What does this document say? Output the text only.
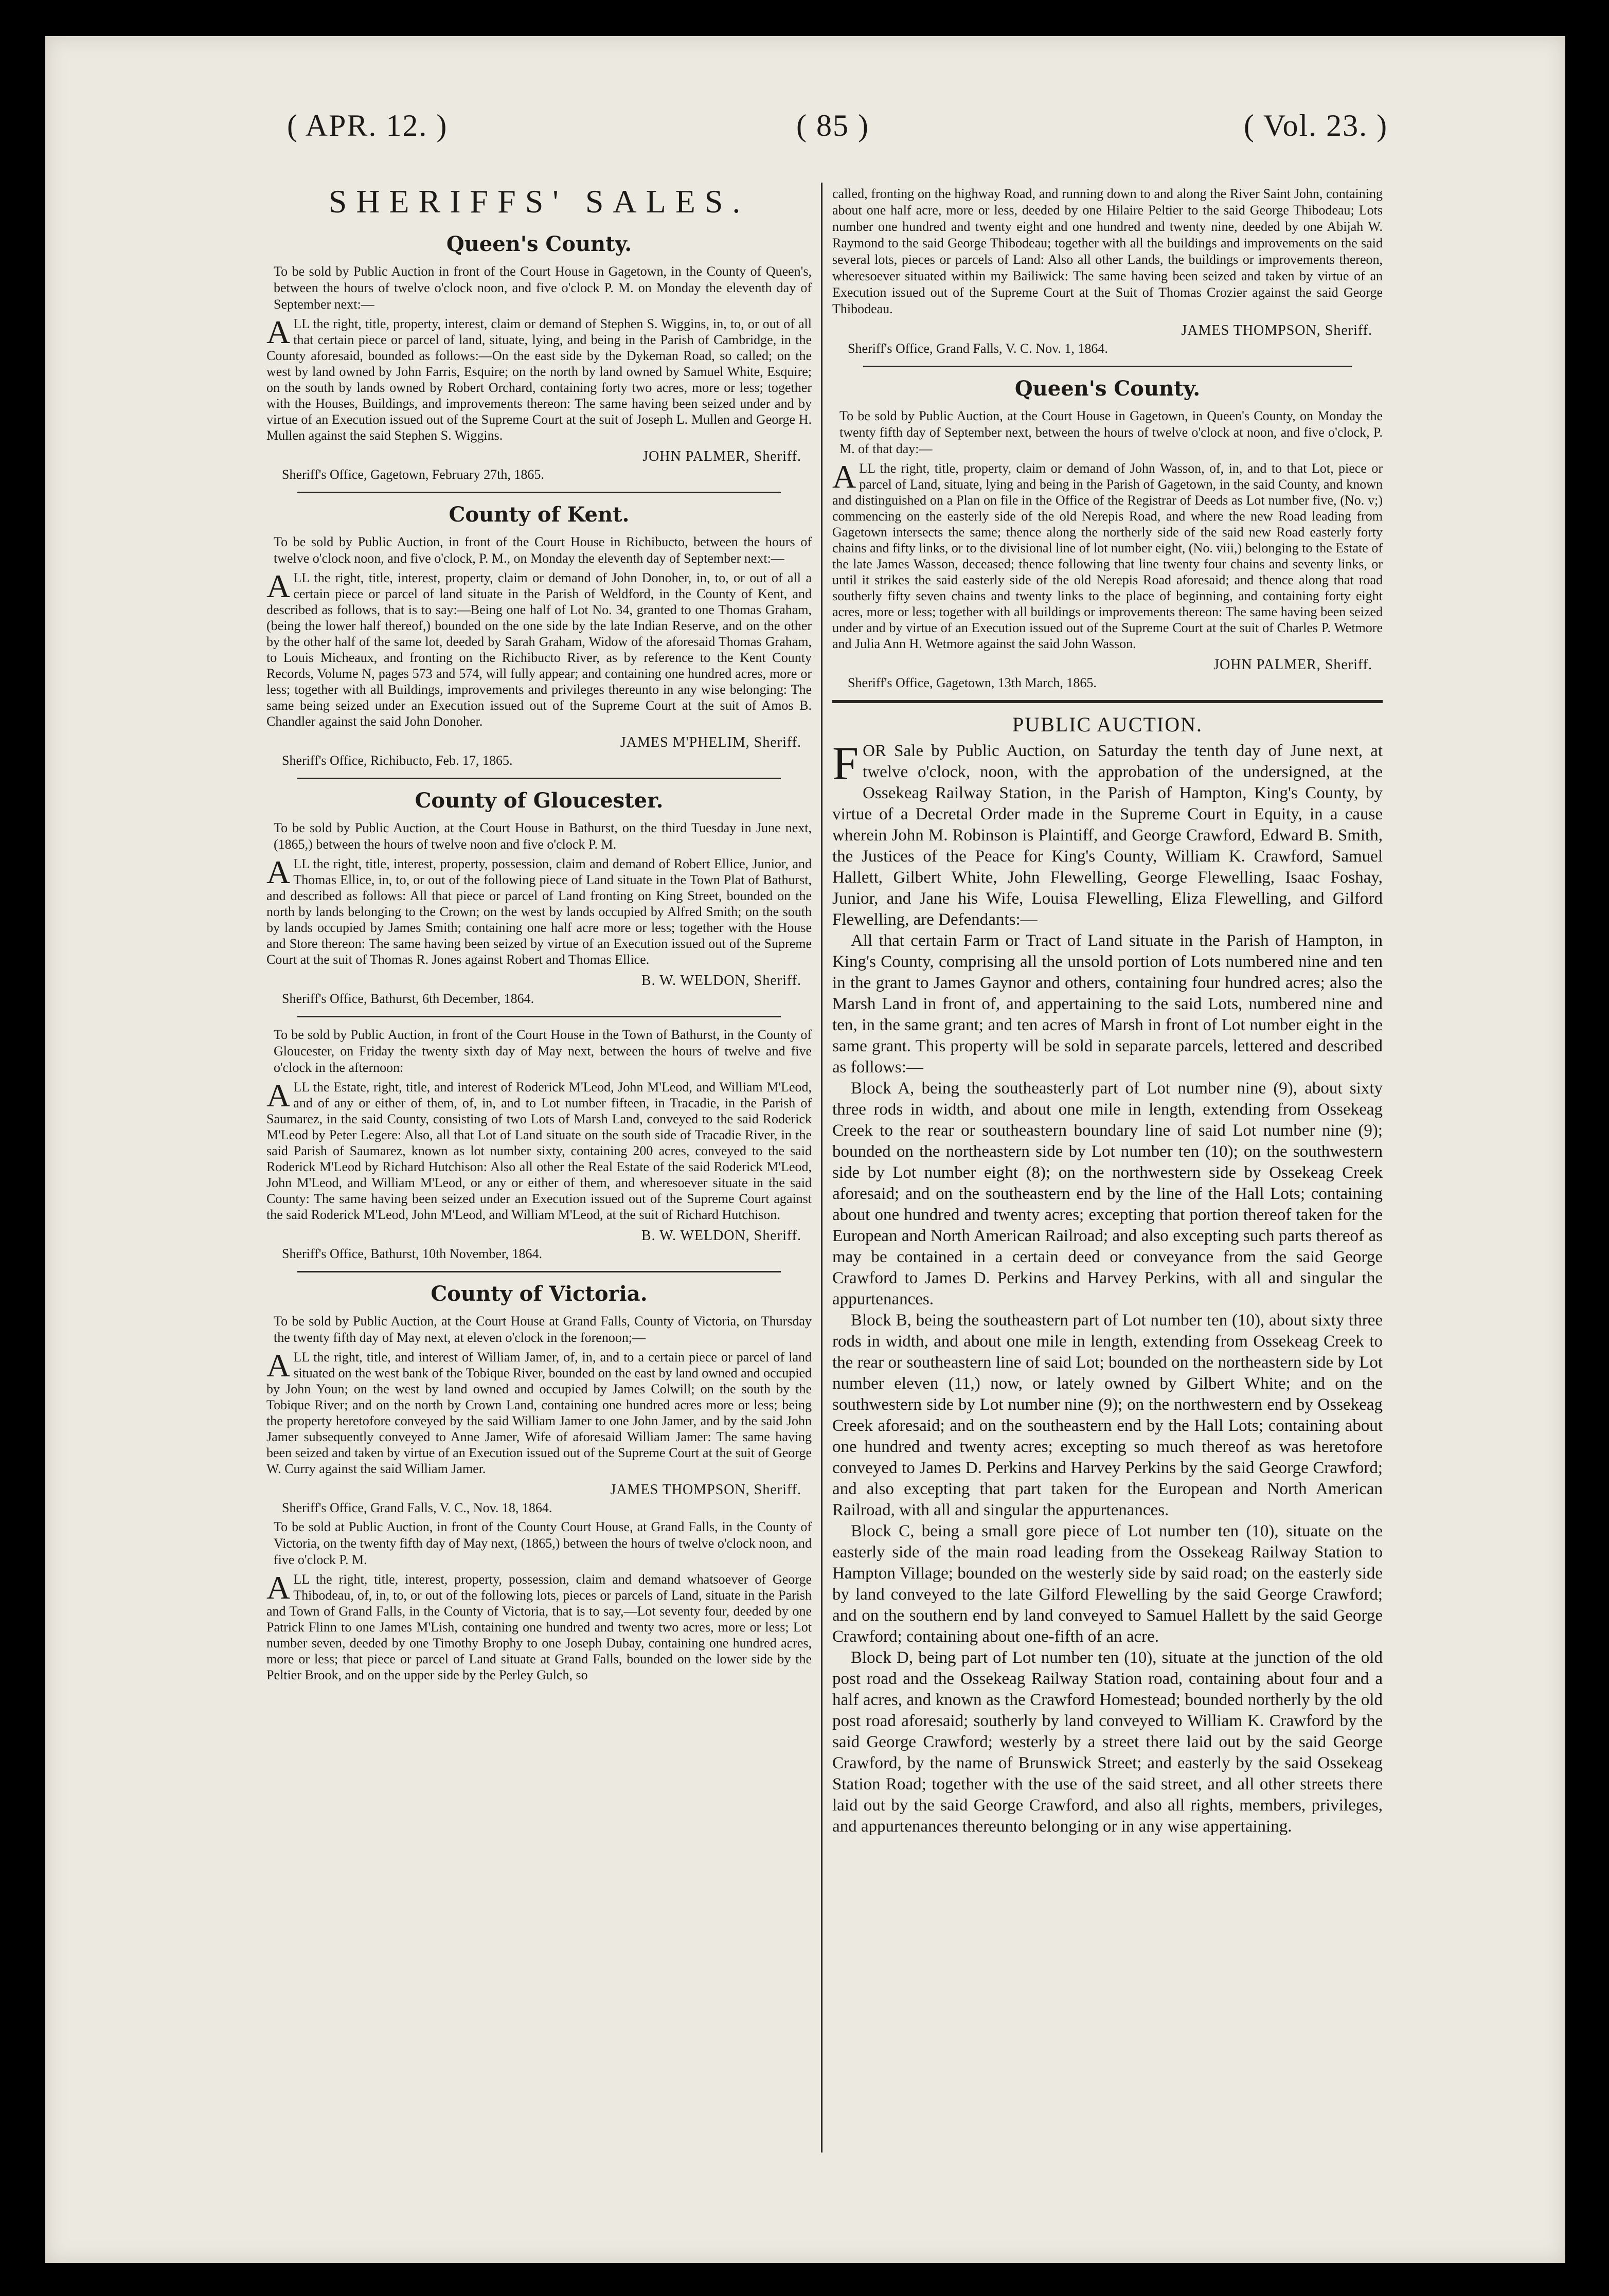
( APR. 12. )	( 85 )	( Vol. 23. )
SHERIFFS' SALES.
Queen's County.

To be sold by Public Auction in front of the Court House in Gagetown, in the County of Queen's, between the hours of twelve o'clock noon, and five o'clock P. M. on Monday the eleventh day of September next:—

ALL the right, title, property, interest, claim or demand of Stephen S. Wiggins, in, to, or out of all that certain piece or parcel of land, situate, lying, and being in the Parish of Cambridge, in the County aforesaid, bounded as follows:—On the east side by the Dykeman Road, so called; on the west by land owned by John Farris, Esquire; on the north by land owned by Samuel White, Esquire; on the south by lands owned by Robert Orchard, containing forty two acres, more or less; together with the Houses, Buildings, and improvements thereon: The same having been seized under and by virtue of an Execution issued out of the Supreme Court at the suit of Joseph L. Mullen and George H. Mullen against the said Stephen S. Wiggins.

JOHN PALMER, Sheriff.
Sheriff's Office, Gagetown, February 27th, 1865.
County of Kent.

To be sold by Public Auction, in front of the Court House in Richibucto, between the hours of twelve o'clock noon, and five o'clock, P. M., on Monday the eleventh day of September next:—

ALL the right, title, interest, property, claim or demand of John Donoher, in, to, or out of all a certain piece or parcel of land situate in the Parish of Weldford, in the County of Kent, and described as follows, that is to say:—Being one half of Lot No. 34, granted to one Thomas Graham, (being the lower half thereof,) bounded on the one side by the late Indian Reserve, and on the other by the other half of the same lot, deeded by Sarah Graham, Widow of the aforesaid Thomas Graham, to Louis Micheaux, and fronting on the Richibucto River, as by reference to the Kent County Records, Volume N, pages 573 and 574, will fully appear; and containing one hundred acres, more or less; together with all Buildings, improvements and privileges thereunto in any wise belonging: The same being seized under an Execution issued out of the Supreme Court at the suit of Amos B. Chandler against the said John Donoher.

JAMES M'PHELIM, Sheriff.
Sheriff's Office, Richibucto, Feb. 17, 1865.
County of Gloucester.

To be sold by Public Auction, at the Court House in Bathurst, on the third Tuesday in June next, (1865,) between the hours of twelve noon and five o'clock P. M.

ALL the right, title, interest, property, possession, claim and demand of Robert Ellice, Junior, and Thomas Ellice, in, to, or out of the following piece of Land situate in the Town Plat of Bathurst, and described as follows: All that piece or parcel of Land fronting on King Street, bounded on the north by lands belonging to the Crown; on the west by lands occupied by Alfred Smith; on the south by lands occupied by James Smith; containing one half acre more or less; together with the House and Store thereon: The same having been seized by virtue of an Execution issued out of the Supreme Court at the suit of Thomas R. Jones against Robert and Thomas Ellice.

B. W. WELDON, Sheriff.
Sheriff's Office, Bathurst, 6th December, 1864.

To be sold by Public Auction, in front of the Court House in the Town of Bathurst, in the County of Gloucester, on Friday the twenty sixth day of May next, between the hours of twelve and five o'clock in the afternoon:

ALL the Estate, right, title, and interest of Roderick M'Leod, John M'Leod, and William M'Leod, and of any or either of them, of, in, and to Lot number fifteen, in Tracadie, in the Parish of Saumarez, in the said County, consisting of two Lots of Marsh Land, conveyed to the said Roderick M'Leod by Peter Legere: Also, all that Lot of Land situate on the south side of Tracadie River, in the said Parish of Saumarez, known as lot number sixty, containing 200 acres, conveyed to the said Roderick M'Leod by Richard Hutchison: Also all other the Real Estate of the said Roderick M'Leod, John M'Leod, and William M'Leod, or any or either of them, and wheresoever situate in the said County: The same having been seized under an Execution issued out of the Supreme Court against the said Roderick M'Leod, John M'Leod, and William M'Leod, at the suit of Richard Hutchison.

B. W. WELDON, Sheriff.
Sheriff's Office, Bathurst, 10th November, 1864.
County of Victoria.

To be sold by Public Auction, at the Court House at Grand Falls, County of Victoria, on Thursday the twenty fifth day of May next, at eleven o'clock in the forenoon;—

ALL the right, title, and interest of William Jamer, of, in, and to a certain piece or parcel of land situated on the west bank of the Tobique River, bounded on the east by land owned and occupied by John Youn; on the west by land owned and occupied by James Colwill; on the south by the Tobique River; and on the north by Crown Land, containing one hundred acres more or less; being the property heretofore conveyed by the said William Jamer to one John Jamer, and by the said John Jamer subsequently conveyed to Anne Jamer, Wife of aforesaid William Jamer: The same having been seized and taken by virtue of an Execution issued out of the Supreme Court at the suit of George W. Curry against the said William Jamer.

JAMES THOMPSON, Sheriff.
Sheriff's Office, Grand Falls, V. C., Nov. 18, 1864.

To be sold at Public Auction, in front of the County Court House, at Grand Falls, in the County of Victoria, on the twenty fifth day of May next, (1865,) between the hours of twelve o'clock noon, and five o'clock P. M.

ALL the right, title, interest, property, possession, claim and demand whatsoever of George Thibodeau, of, in, to, or out of the following lots, pieces or parcels of Land, situate in the Parish and Town of Grand Falls, in the County of Victoria, that is to say,—Lot seventy four, deeded by one Patrick Flinn to one James M'Lish, containing one hundred and twenty two acres, more or less; Lot number seven, deeded by one Timothy Brophy to one Joseph Dubay, containing one hundred acres, more or less; that piece or parcel of Land situate at Grand Falls, bounded on the lower side by the Peltier Brook, and on the upper side by the Perley Gulch, so

called, fronting on the highway Road, and running down to and along the River Saint John, containing about one half acre, more or less, deeded by one Hilaire Peltier to the said George Thibodeau; Lots number one hundred and twenty eight and one hundred and twenty nine, deeded by one Abijah W. Raymond to the said George Thibodeau; together with all the buildings and improvements on the said several lots, pieces or parcels of Land: Also all other Lands, the buildings or improvements thereon, wheresoever situated within my Bailiwick: The same having been seized and taken by virtue of an Execution issued out of the Supreme Court at the Suit of Thomas Crozier against the said George Thibodeau.

JAMES THOMPSON, Sheriff.
Sheriff's Office, Grand Falls, V. C. Nov. 1, 1864.
Queen's County.

To be sold by Public Auction, at the Court House in Gagetown, in Queen's County, on Monday the twenty fifth day of September next, between the hours of twelve o'clock at noon, and five o'clock, P. M. of that day:—

ALL the right, title, property, claim or demand of John Wasson, of, in, and to that Lot, piece or parcel of Land, situate, lying and being in the Parish of Gagetown, in the said County, and known and distinguished on a Plan on file in the Office of the Registrar of Deeds as Lot number five, (No. v;) commencing on the easterly side of the old Nerepis Road, and where the new Road leading from Gagetown intersects the same; thence along the northerly side of the said new Road easterly forty chains and fifty links, or to the divisional line of lot number eight, (No. viii,) belonging to the Estate of the late James Wasson, deceased; thence following that line twenty four chains and seventy links, or until it strikes the said easterly side of the old Nerepis Road aforesaid; and thence along that road southerly fifty seven chains and twenty links to the place of beginning, and containing forty eight acres, more or less; together with all buildings or improvements thereon: The same having been seized under and by virtue of an Execution issued out of the Supreme Court at the suit of Charles P. Wetmore and Julia Ann H. Wetmore against the said John Wasson.

JOHN PALMER, Sheriff.
Sheriff's Office, Gagetown, 13th March, 1865.
PUBLIC AUCTION.

FOR Sale by Public Auction, on Saturday the tenth day of June next, at twelve o'clock, noon, with the approbation of the undersigned, at the Ossekeag Railway Station, in the Parish of Hampton, King's County, by virtue of a Decretal Order made in the Supreme Court in Equity, in a cause wherein John M. Robinson is Plaintiff, and George Crawford, Edward B. Smith, the Justices of the Peace for King's County, William K. Crawford, Samuel Hallett, Gilbert White, John Flewelling, George Flewelling, Isaac Foshay, Junior, and Jane his Wife, Louisa Flewelling, Eliza Flewelling, and Gilford Flewelling, are Defendants:—

All that certain Farm or Tract of Land situate in the Parish of Hampton, in King's County, comprising all the unsold portion of Lots numbered nine and ten in the grant to James Gaynor and others, containing four hundred acres; also the Marsh Land in front of, and appertaining to the said Lots, numbered nine and ten, in the same grant; and ten acres of Marsh in front of Lot number eight in the same grant. This property will be sold in separate parcels, lettered and described as follows:—

Block A, being the southeasterly part of Lot number nine (9), about sixty three rods in width, and about one mile in length, extending from Ossekeag Creek to the rear or southeastern boundary line of said Lot number nine (9); bounded on the northeastern side by Lot number ten (10); on the southwestern side by Lot number eight (8); on the northwestern side by Ossekeag Creek aforesaid; and on the southeastern end by the line of the Hall Lots; containing about one hundred and twenty acres; excepting that portion thereof taken for the European and North American Railroad; and also excepting such parts thereof as may be contained in a certain deed or conveyance from the said George Crawford to James D. Perkins and Harvey Perkins, with all and singular the appurtenances.

Block B, being the southeastern part of Lot number ten (10), about sixty three rods in width, and about one mile in length, extending from Ossekeag Creek to the rear or southeastern line of said Lot; bounded on the northeastern side by Lot number eleven (11,) now, or lately owned by Gilbert White; and on the southwestern side by Lot number nine (9); on the northwestern end by Ossekeag Creek aforesaid; and on the southeastern end by the Hall Lots; containing about one hundred and twenty acres; excepting so much thereof as was heretofore conveyed to James D. Perkins and Harvey Perkins by the said George Crawford; and also excepting that part taken for the European and North American Railroad, with all and singular the appurtenances.

Block C, being a small gore piece of Lot number ten (10), situate on the easterly side of the main road leading from the Ossekeag Railway Station to Hampton Village; bounded on the westerly side by said road; on the easterly side by land conveyed to the late Gilford Flewelling by the said George Crawford; and on the southern end by land conveyed to Samuel Hallett by the said George Crawford; containing about one-fifth of an acre.

Block D, being part of Lot number ten (10), situate at the junction of the old post road and the Ossekeag Railway Station road, containing about four and a half acres, and known as the Crawford Homestead; bounded northerly by the old post road aforesaid; southerly by land conveyed to William K. Crawford by the said George Crawford; westerly by a street there laid out by the said George Crawford, by the name of Brunswick Street; and easterly by the said Ossekeag Station Road; together with the use of the said street, and all other streets there laid out by the said George Crawford, and also all rights, members, privileges, and appurtenances thereunto belonging or in any wise appertaining.
